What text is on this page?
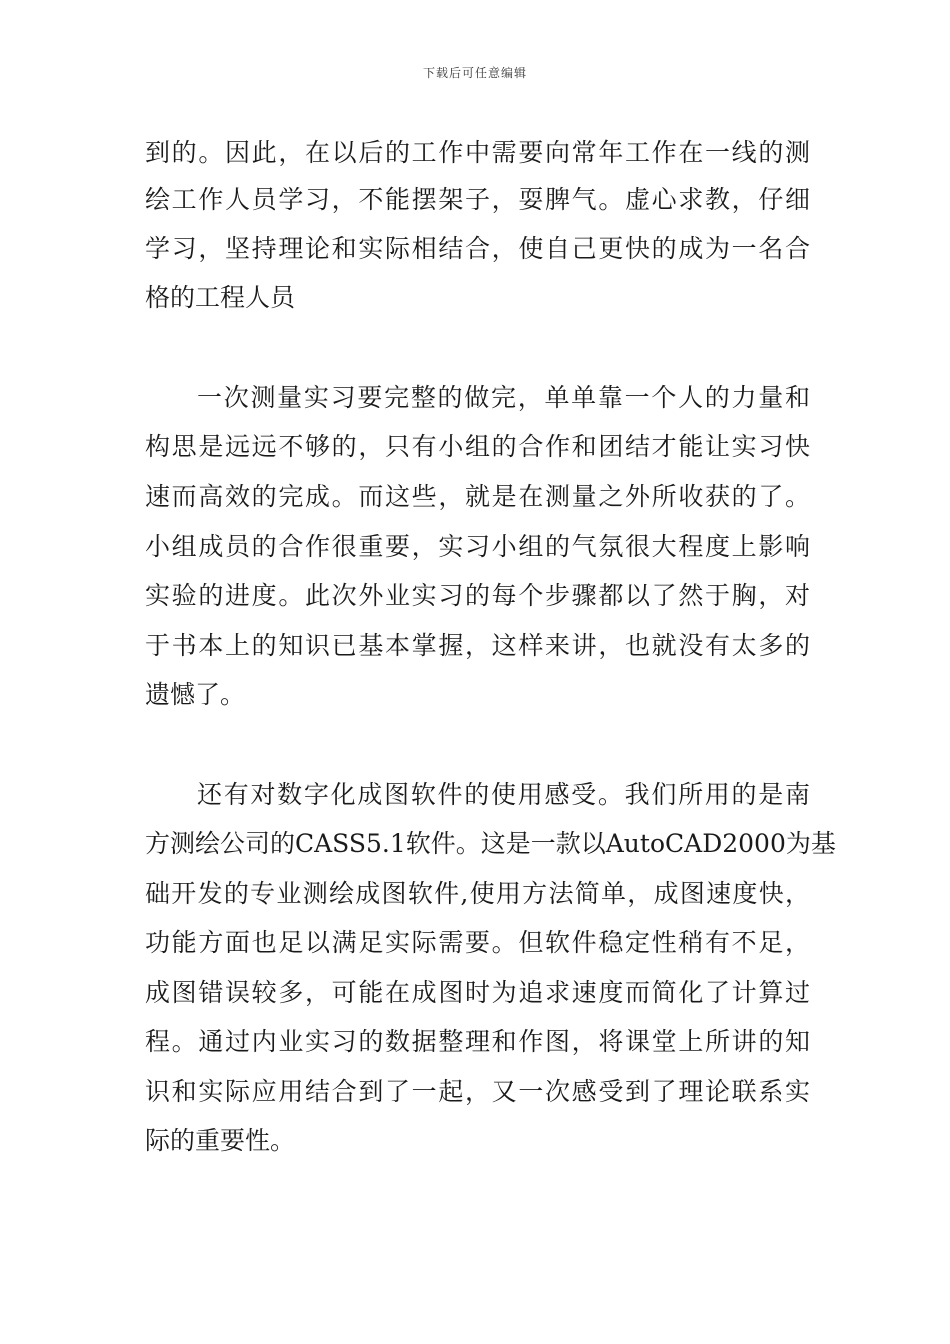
下载后可任意编辑
到的。因此，在以后的工作中需要向常年工作在一线的测
绘工作人员学习，不能摆架子，耍脾气。虚心求教，仔细
学习，坚持理论和实际相结合，使自己更快的成为一名合
格的工程人员
一次测量实习要完整的做完，单单靠一个人的力量和
构思是远远不够的，只有小组的合作和团结才能让实习快
速而高效的完成。而这些，就是在测量之外所收获的了。
小组成员的合作很重要，实习小组的气氛很大程度上影响
实验的进度。此次外业实习的每个步骤都以了然于胸，对
于书本上的知识已基本掌握，这样来讲，也就没有太多的
遗憾了。
还有对数字化成图软件的使用感受。我们所用的是南
方测绘公司的CASS5.1软件。这是一款以AutoCAD2000为基
础开发的专业测绘成图软件,使用方法简单，成图速度快，
功能方面也足以满足实际需要。但软件稳定性稍有不足，
成图错误较多，可能在成图时为追求速度而简化了计算过
程。通过内业实习的数据整理和作图，将课堂上所讲的知
识和实际应用结合到了一起，又一次感受到了理论联系实
际的重要性。
